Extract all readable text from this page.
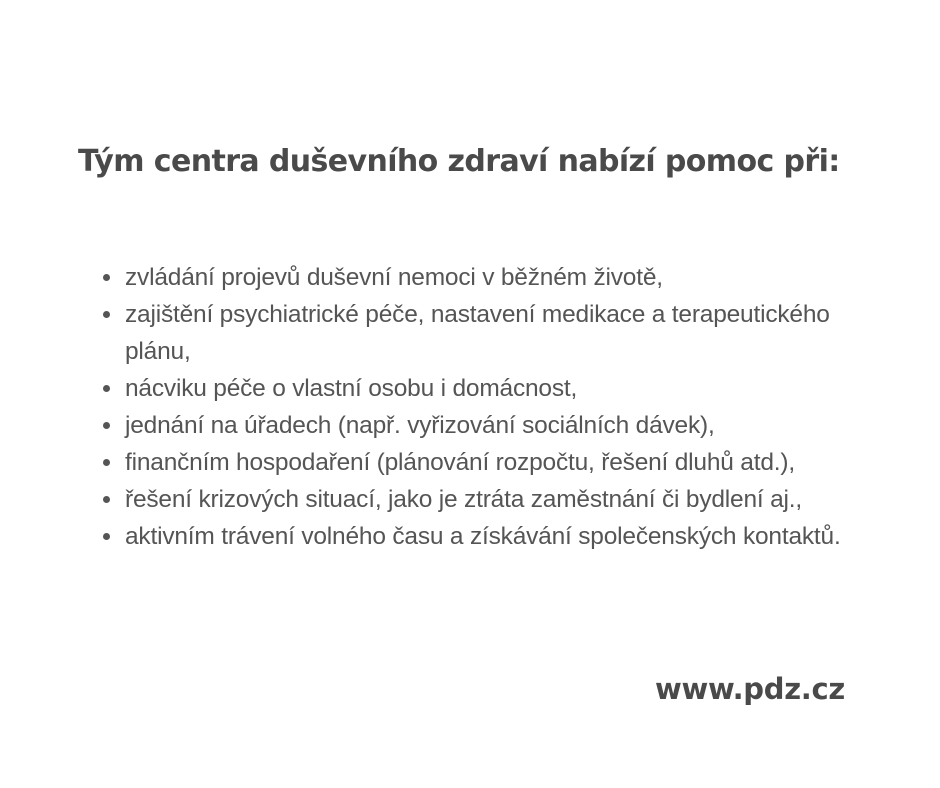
Tým centra duševního zdraví nabízí pomoc při:
zvládání projevů duševní nemoci v běžném životě,
zajištění psychiatrické péče, nastavení medikace a terapeutického plánu,
nácviku péče o vlastní osobu i domácnost,
jednání na úřadech (např. vyřizování sociálních dávek),
finančním hospodaření (plánování rozpočtu, řešení dluhů atd.),
řešení krizových situací, jako je ztráta zaměstnání či bydlení aj.,
aktivním trávení volného času a získávání společenských kontaktů.

www.pdz.cz
